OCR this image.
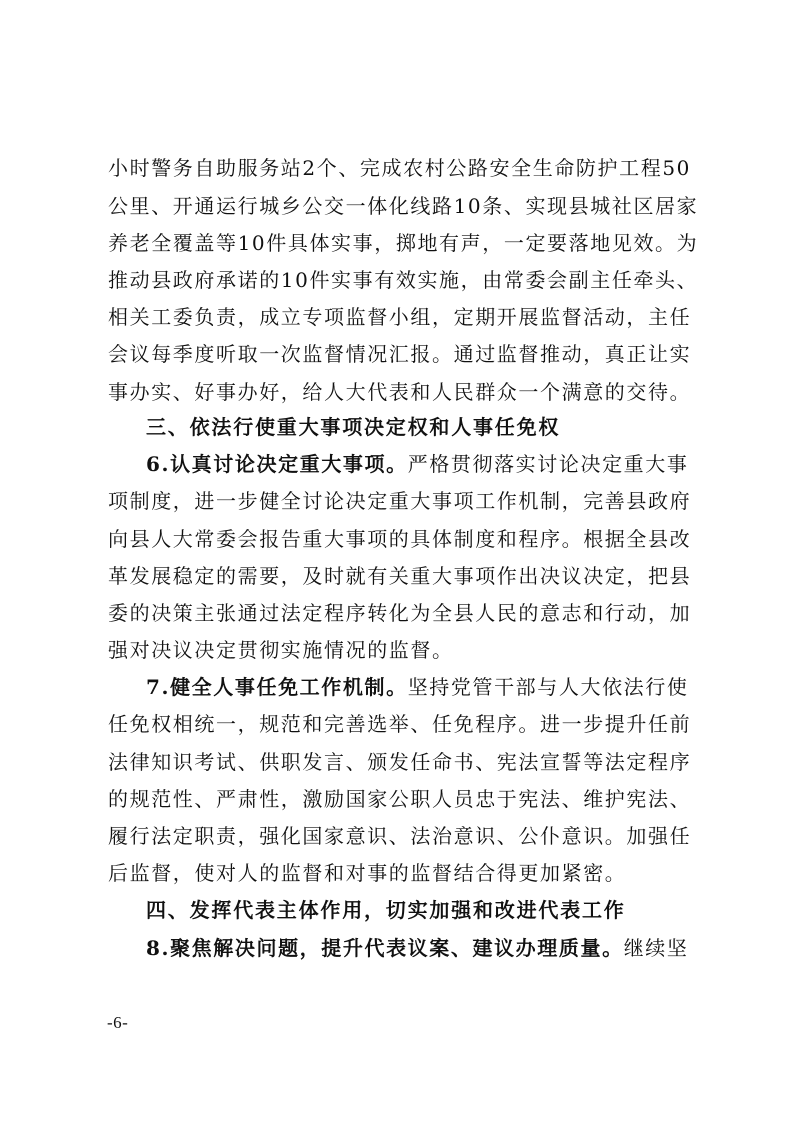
小时警务自助服务站2个、完成农村公路安全生命防护工程50
公里、开通运行城乡公交一体化线路10条、实现县城社区居家
养老全覆盖等10件具体实事，掷地有声，一定要落地见效。为
推动县政府承诺的10件实事有效实施，由常委会副主任牵头、
相关工委负责，成立专项监督小组，定期开展监督活动，主任
会议每季度听取一次监督情况汇报。通过监督推动，真正让实
事办实、好事办好，给人大代表和人民群众一个满意的交待。
三、依法行使重大事项决定权和人事任免权
6.认真讨论决定重大事项。严格贯彻落实讨论决定重大事
项制度，进一步健全讨论决定重大事项工作机制，完善县政府
向县人大常委会报告重大事项的具体制度和程序。根据全县改
革发展稳定的需要，及时就有关重大事项作出决议决定，把县
委的决策主张通过法定程序转化为全县人民的意志和行动，加
强对决议决定贯彻实施情况的监督。
7.健全人事任免工作机制。坚持党管干部与人大依法行使
任免权相统一，规范和完善选举、任免程序。进一步提升任前
法律知识考试、供职发言、颁发任命书、宪法宣誓等法定程序
的规范性、严肃性，激励国家公职人员忠于宪法、维护宪法、
履行法定职责，强化国家意识、法治意识、公仆意识。加强任
后监督，使对人的监督和对事的监督结合得更加紧密。
四、发挥代表主体作用，切实加强和改进代表工作
8.聚焦解决问题，提升代表议案、建议办理质量。继续坚
-6-
